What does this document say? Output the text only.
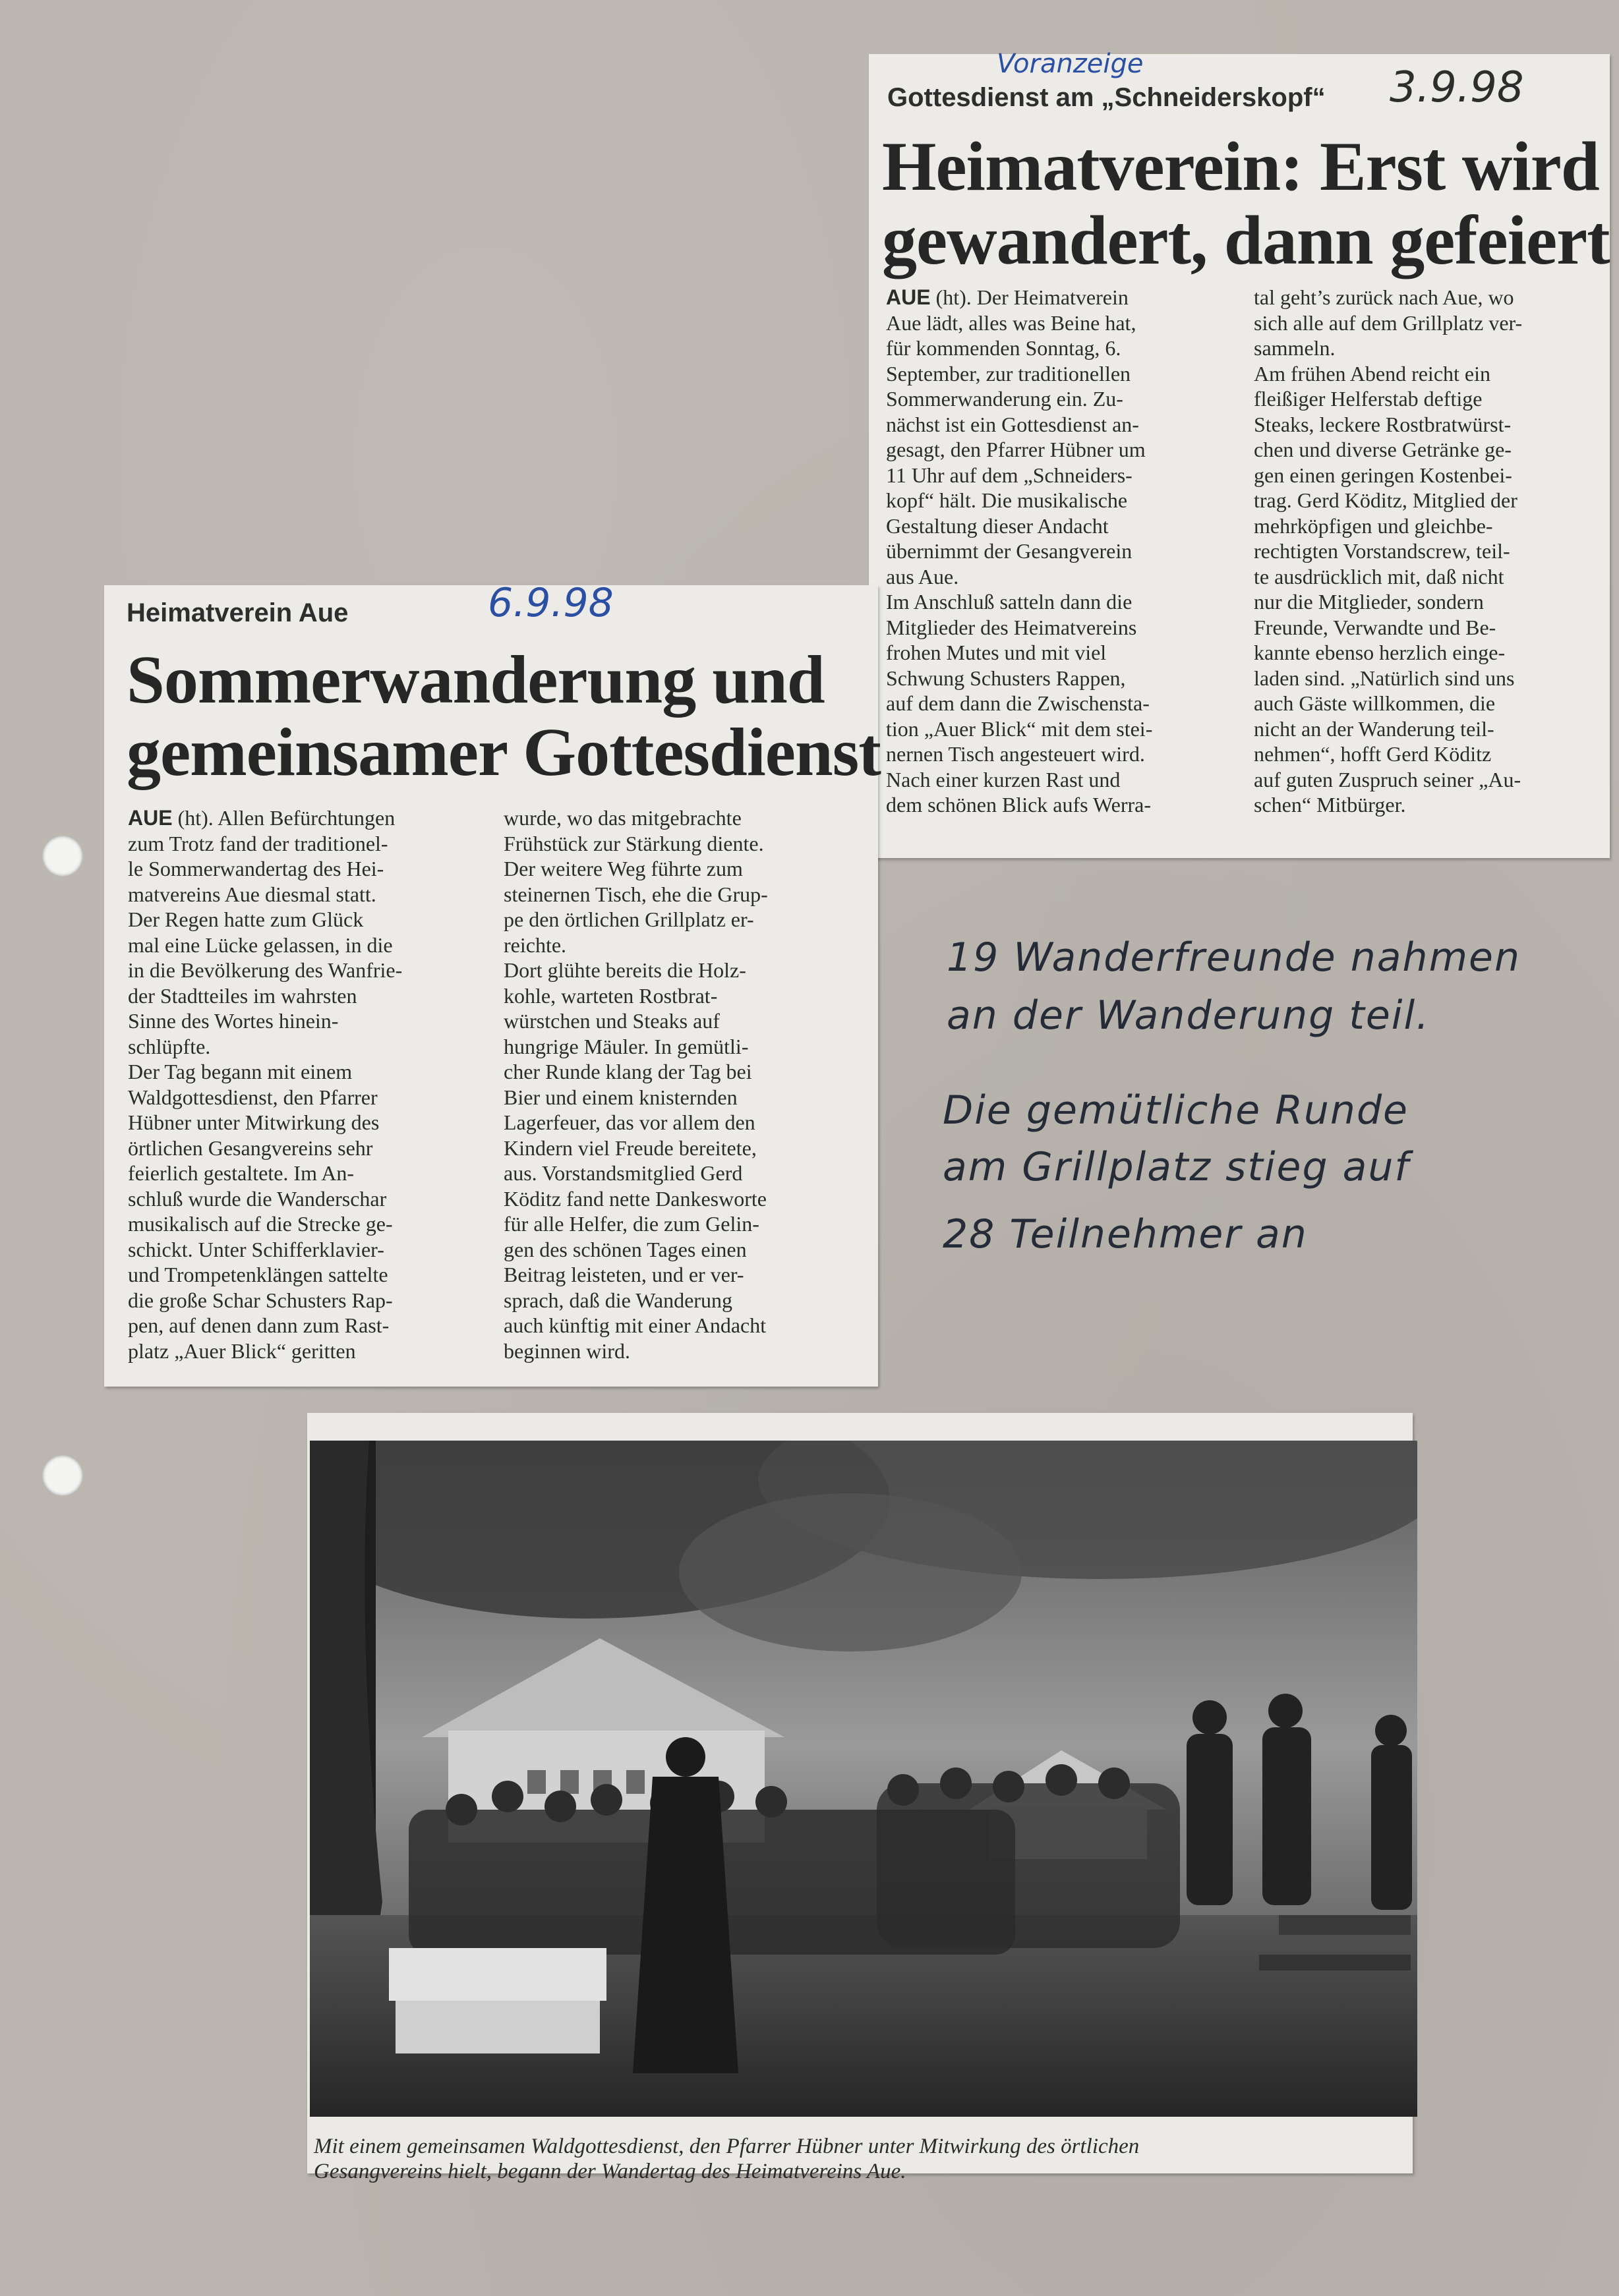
Gottesdienst am „Schneiderskopf“
Voranzeige	3.9.98
Heimatverein: Erst wird
gewandert, dann gefeiert
AUE (ht). Der Heimatverein
Aue lädt, alles was Beine hat,
für kommenden Sonntag, 6.
September, zur traditionellen
Sommerwanderung ein. Zu-
nächst ist ein Gottesdienst an-
gesagt, den Pfarrer Hübner um
11 Uhr auf dem „Schneiders-
kopf“ hält. Die musikalische
Gestaltung dieser Andacht
übernimmt der Gesangverein
aus Aue.
Im Anschluß satteln dann die
Mitglieder des Heimatvereins
frohen Mutes und mit viel
Schwung Schusters Rappen,
auf dem dann die Zwischensta-
tion „Auer Blick“ mit dem stei-
nernen Tisch angesteuert wird.
Nach einer kurzen Rast und
dem schönen Blick aufs Werra-
tal geht’s zurück nach Aue, wo
sich alle auf dem Grillplatz ver-
sammeln.
Am frühen Abend reicht ein
fleißiger Helferstab deftige
Steaks, leckere Rostbratwürst-
chen und diverse Getränke ge-
gen einen geringen Kostenbei-
trag. Gerd Köditz, Mitglied der
mehrköpfigen und gleichbe-
rechtigten Vorstandscrew, teil-
te ausdrücklich mit, daß nicht
nur die Mitglieder, sondern
Freunde, Verwandte und Be-
kannte ebenso herzlich einge-
laden sind. „Natürlich sind uns
auch Gäste willkommen, die
nicht an der Wanderung teil-
nehmen“, hofft Gerd Köditz
auf guten Zuspruch seiner „Au-
schen“ Mitbürger.
Heimatverein Aue	6.9.98
Sommerwanderung und
gemeinsamer Gottesdienst
AUE (ht). Allen Befürchtungen
zum Trotz fand der traditionel-
le Sommerwandertag des Hei-
matvereins Aue diesmal statt.
Der Regen hatte zum Glück
mal eine Lücke gelassen, in die
in die Bevölkerung des Wanfrie-
der Stadtteiles im wahrsten
Sinne des Wortes hinein-
schlüpfte.
Der Tag begann mit einem
Waldgottesdienst, den Pfarrer
Hübner unter Mitwirkung des
örtlichen Gesangvereins sehr
feierlich gestaltete. Im An-
schluß wurde die Wanderschar
musikalisch auf die Strecke ge-
schickt. Unter Schifferklavier-
und Trompetenklängen sattelte
die große Schar Schusters Rap-
pen, auf denen dann zum Rast-
platz „Auer Blick“ geritten
wurde, wo das mitgebrachte
Frühstück zur Stärkung diente.
Der weitere Weg führte zum
steinernen Tisch, ehe die Grup-
pe den örtlichen Grillplatz er-
reichte.
Dort glühte bereits die Holz-
kohle, warteten Rostbrat-
würstchen und Steaks auf
hungrige Mäuler. In gemütli-
cher Runde klang der Tag bei
Bier und einem knisternden
Lagerfeuer, das vor allem den
Kindern viel Freude bereitete,
aus. Vorstandsmitglied Gerd
Köditz fand nette Dankesworte
für alle Helfer, die zum Gelin-
gen des schönen Tages einen
Beitrag leisteten, und er ver-
sprach, daß die Wanderung
auch künftig mit einer Andacht
beginnen wird.
19 Wanderfreunde nahmen
an der Wanderung teil.
Die gemütliche Runde
am Grillplatz stieg auf
28 Teilnehmer an
Mit einem gemeinsamen Waldgottesdienst, den Pfarrer Hübner unter Mitwirkung des örtlichen
Gesangvereins hielt, begann der Wandertag des Heimatvereins Aue.
